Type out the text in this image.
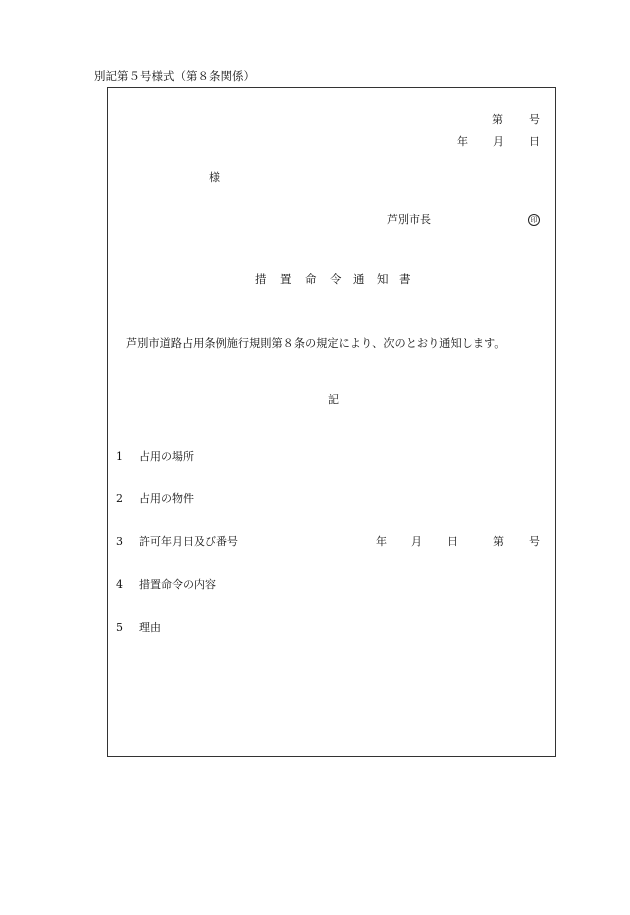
別記第５号様式（第８条関係）
第 号
年 月 日
様
芦別市長	印
措 置 命 令 通 知 書
芦別市道路占用条例施行規則第８条の規定により、次のとおり通知します。
記
1 占用の場所
2 占用の物件
3 許可年月日及び番号	年 月 日	第 号
4 措置命令の内容
5 理由
